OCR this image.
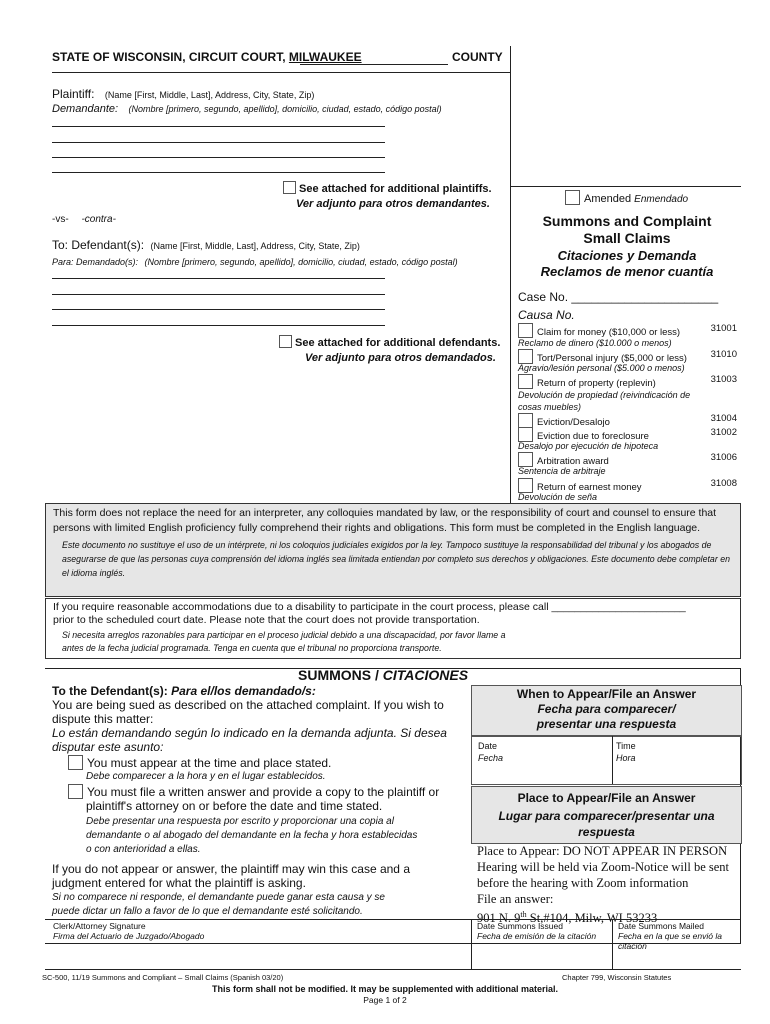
STATE OF WISCONSIN, CIRCUIT COURT, MILWAUKEE	COUNTY
Plaintiff: (Name [First, Middle, Last], Address, City, State, Zip)
Demandante: (Nombre [primero, segundo, apellido], domicilio, ciudad, estado, código postal)
See attached for additional plaintiffs.
Ver adjunto para otros demandantes.
-vs- -contra-
To: Defendant(s): (Name [First, Middle, Last], Address, City, State, Zip)
Para: Demandado(s): (Nombre [primero, segundo, apellido], domicilio, ciudad, estado, código postal)
See attached for additional defendants.
Ver adjunto para otros demandados.
Amended Enmendado
Summons and Complaint
Small Claims
Citaciones y Demanda
Reclamos de menor cuantía
Case No. ______________________
Causa No.
Claim for money ($10,000 or less)	31001
Reclamo de dinero ($10.000 o menos)
Tort/Personal injury ($5,000 or less) 31010
Agravio/lesión personal ($5.000 o menos)
Return of property (replevin)	31003
Devolución de propiedad (reivindicación de cosas muebles)
Eviction/Desalojo	31004
Eviction due to foreclosure	31002
Desalojo por ejecución de hipoteca
Arbitration award	31006
Sentencia de arbitraje
Return of earnest money	31008
Devolución de seña
This form does not replace the need for an interpreter, any colloquies mandated by law, or the responsibility of court and counsel to ensure that persons with limited English proficiency fully comprehend their rights and obligations. This form must be completed in the English language.
Este documento no sustituye el uso de un intérprete, ni los coloquios judiciales exigidos por la ley. Tampoco sustituye la responsabilidad del tribunal y los abogados de asegurarse de que las personas cuya comprensión del idioma inglés sea limitada entiendan por completo sus derechos y obligaciones. Este documento debe completar en el idioma inglés.
If you require reasonable accommodations due to a disability to participate in the court process, please call _______________________
prior to the scheduled court date. Please note that the court does not provide transportation.
Si necesita arreglos razonables para participar en el proceso judicial debido a una discapacidad, por favor llame a
antes de la fecha judicial programada. Tenga en cuenta que el tribunal no proporciona transporte.
SUMMONS / CITACIONES
To the Defendant(s): Para el/los demandado/s:
You are being sued as described on the attached complaint. If you wish to
dispute this matter:
Lo están demandando según lo indicado en la demanda adjunta. Si desea
disputar este asunto:
You must appear at the time and place stated.
Debe comparecer a la hora y en el lugar establecidos.
You must file a written answer and provide a copy to the plaintiff or
plaintiff's attorney on or before the date and time stated.
Debe presentar una respuesta por escrito y proporcionar una copia al
demandante o al abogado del demandante en la fecha y hora establecidas
o con anterioridad a ellas.
If you do not appear or answer, the plaintiff may win this case and a
judgment entered for what the plaintiff is asking.
Si no comparece ni responde, el demandante puede ganar esta causa y se
puede dictar un fallo a favor de lo que el demandante esté solicitando.
When to Appear/File an Answer
Fecha para comparecer/
presentar una respuesta
Date
Fecha
Time
Hora
Place to Appear/File an Answer
Lugar para comparecer/presentar una
respuesta
Place to Appear: DO NOT APPEAR IN PERSON
Hearing will be held via Zoom-Notice will be sent
before the hearing with Zoom information
File an answer:
$^{th}$
Clerk/Attorney Signature
Firma del Actuario de Juzgado/Abogado
Date Summons Issued
Fecha de emisión de la citación
Date Summons Mailed
Fecha en la que se envió la
citación
SC-500, 11/19 Summons and Compliant – Small Claims (Spanish 03/20)	Chapter 799, Wisconsin Statutes
This form shall not be modified. It may be supplemented with additional material.
Page 1 of 2
